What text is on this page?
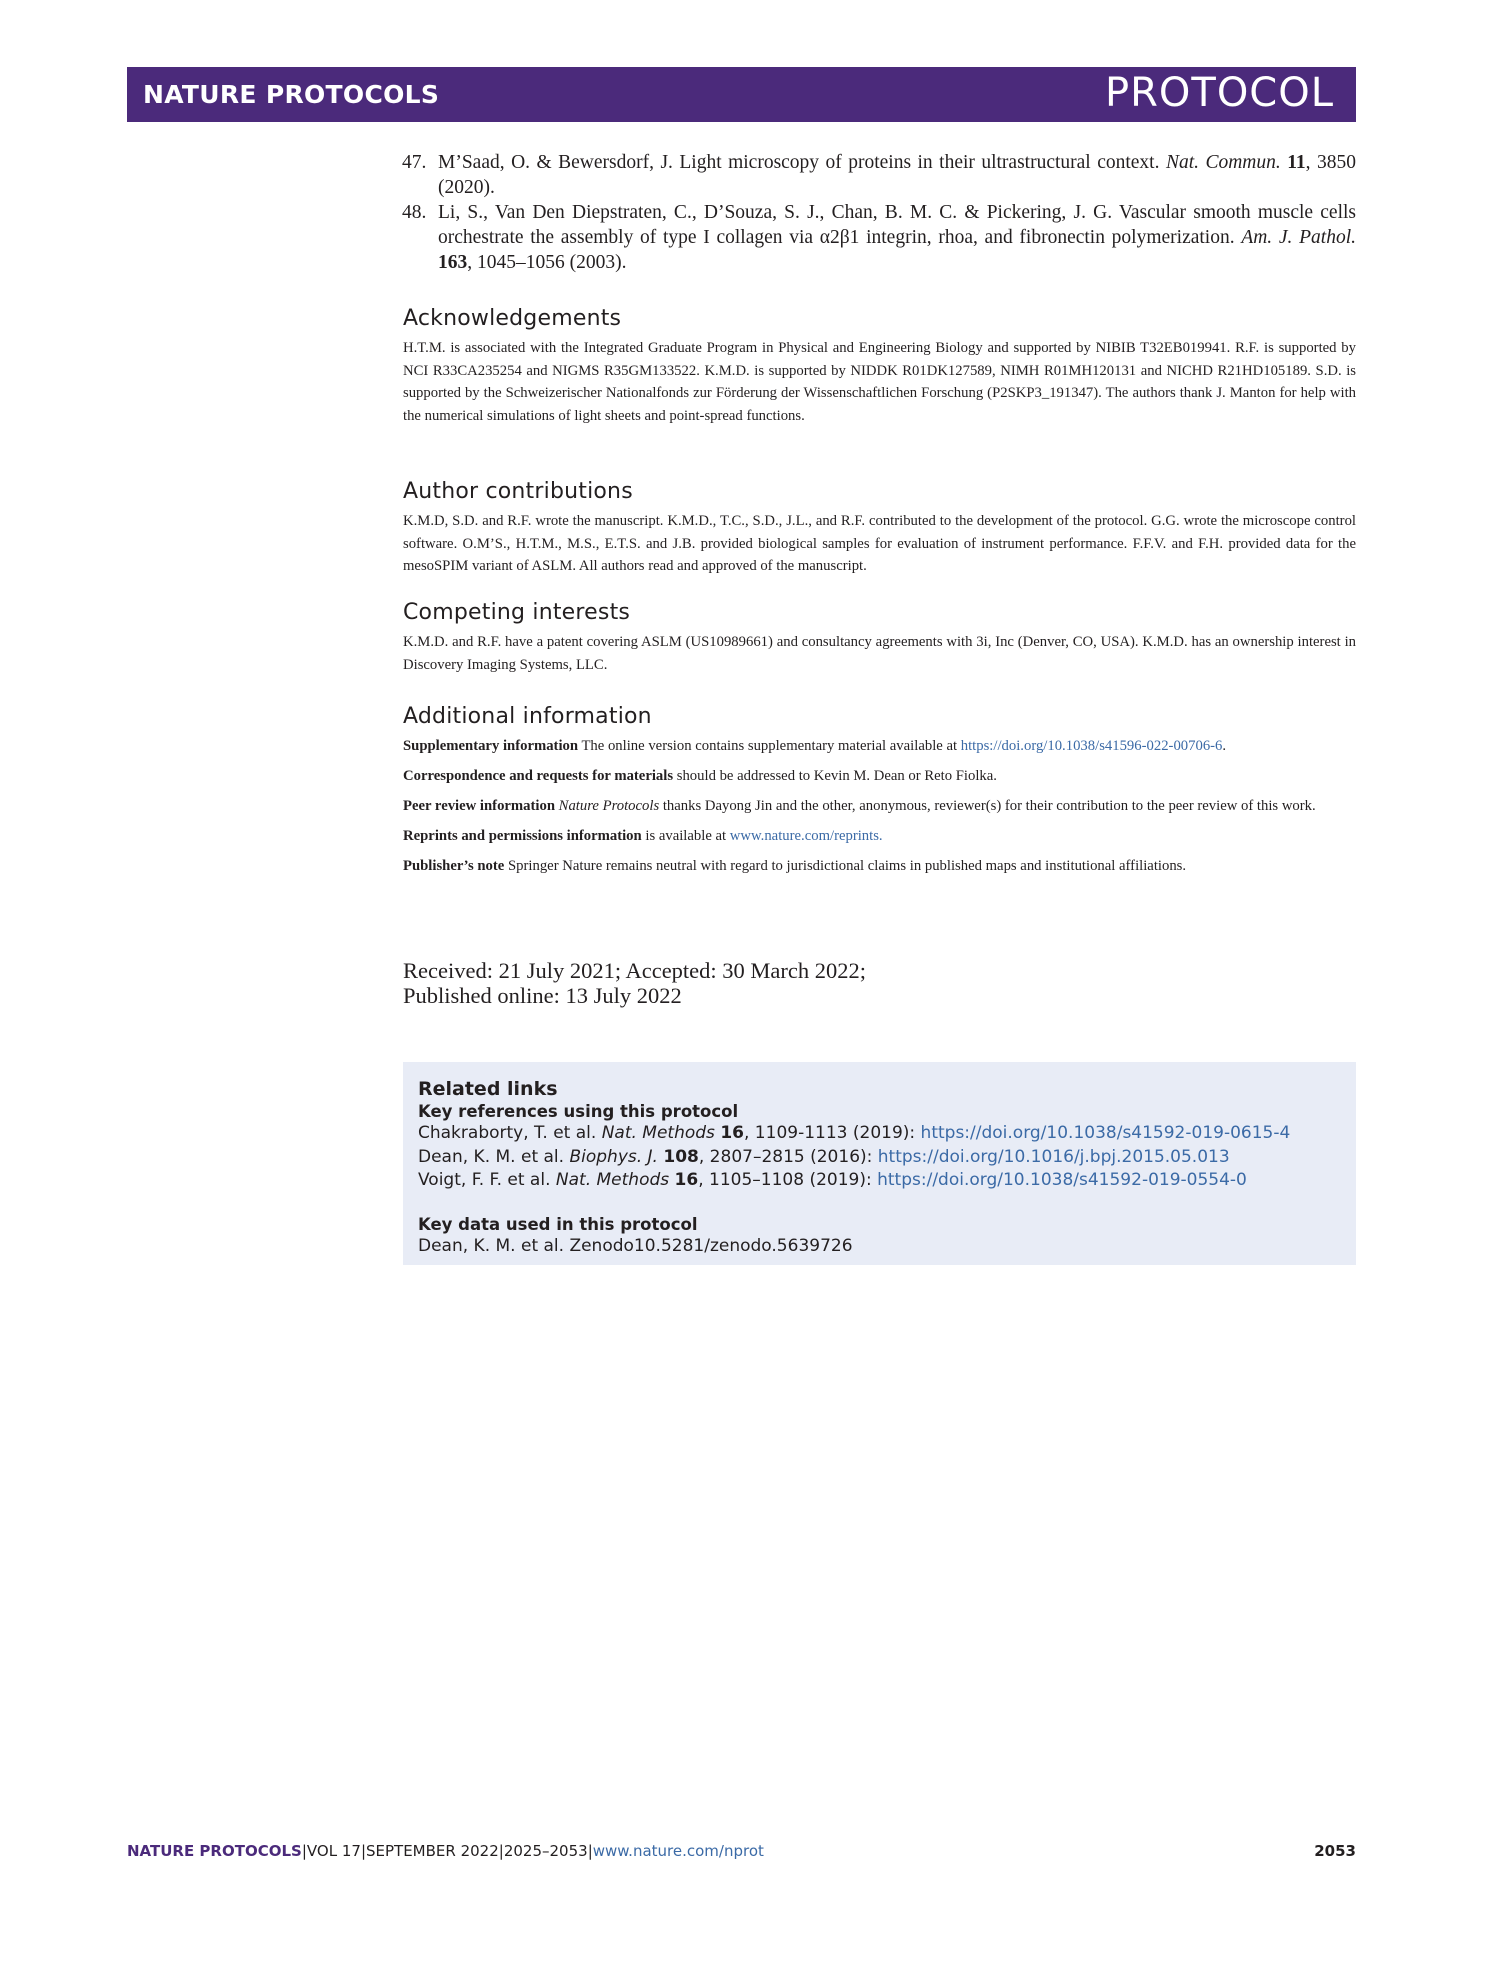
NATURE PROTOCOLS	PROTOCOL
47. M’Saad, O. & Bewersdorf, J. Light microscopy of proteins in their ultrastructural context. Nat. Commun. 11, 3850 (2020).
48. Li, S., Van Den Diepstraten, C., D’Souza, S. J., Chan, B. M. C. & Pickering, J. G. Vascular smooth muscle cells orchestrate the assembly of type I collagen via α2β1 integrin, rhoa, and fibronectin polymerization. Am. J. Pathol. 163, 1045–1056 (2003).
Acknowledgements

H.T.M. is associated with the Integrated Graduate Program in Physical and Engineering Biology and supported by NIBIB T32EB019941. R.F. is supported by NCI R33CA235254 and NIGMS R35GM133522. K.M.D. is supported by NIDDK R01DK127589, NIMH R01MH120131 and NICHD R21HD105189. S.D. is supported by the Schweizerischer Nationalfonds zur Förderung der Wissenschaftlichen Forschung (P2SKP3_191347). The authors thank J. Manton for help with the numerical simulations of light sheets and point-spread functions.

Author contributions

K.M.D, S.D. and R.F. wrote the manuscript. K.M.D., T.C., S.D., J.L., and R.F. contributed to the development of the protocol. G.G. wrote the microscope control software. O.M’S., H.T.M., M.S., E.T.S. and J.B. provided biological samples for evaluation of instrument performance. F.F.V. and F.H. provided data for the mesoSPIM variant of ASLM. All authors read and approved of the manuscript.

Competing interests

K.M.D. and R.F. have a patent covering ASLM (US10989661) and consultancy agreements with 3i, Inc (Denver, CO, USA). K.M.D. has an ownership interest in Discovery Imaging Systems, LLC.

Additional information

Supplementary information The online version contains supplementary material available at https://doi.org/10.1038/s41596-022-00706-6.

Correspondence and requests for materials should be addressed to Kevin M. Dean or Reto Fiolka.

Peer review information Nature Protocols thanks Dayong Jin and the other, anonymous, reviewer(s) for their contribution to the peer review of this work.

Reprints and permissions information is available at www.nature.com/reprints.

Publisher’s note Springer Nature remains neutral with regard to jurisdictional claims in published maps and institutional affiliations.

Received: 21 July 2021; Accepted: 30 March 2022;
Published online: 13 July 2022
Related links
Key references using this protocol
Chakraborty, T. et al. Nat. Methods 16, 1109-1113 (2019): https://doi.org/10.1038/s41592-019-0615-4
Dean, K. M. et al. Biophys. J. 108, 2807–2815 (2016): https://doi.org/10.1016/j.bpj.2015.05.013
Voigt, F. F. et al. Nat. Methods 16, 1105–1108 (2019): https://doi.org/10.1038/s41592-019-0554-0
Key data used in this protocol
Dean, K. M. et al. Zenodo10.5281/zenodo.5639726
NATURE PROTOCOLS|VOL 17|SEPTEMBER 2022|2025–2053|www.nature.com/nprot	2053
